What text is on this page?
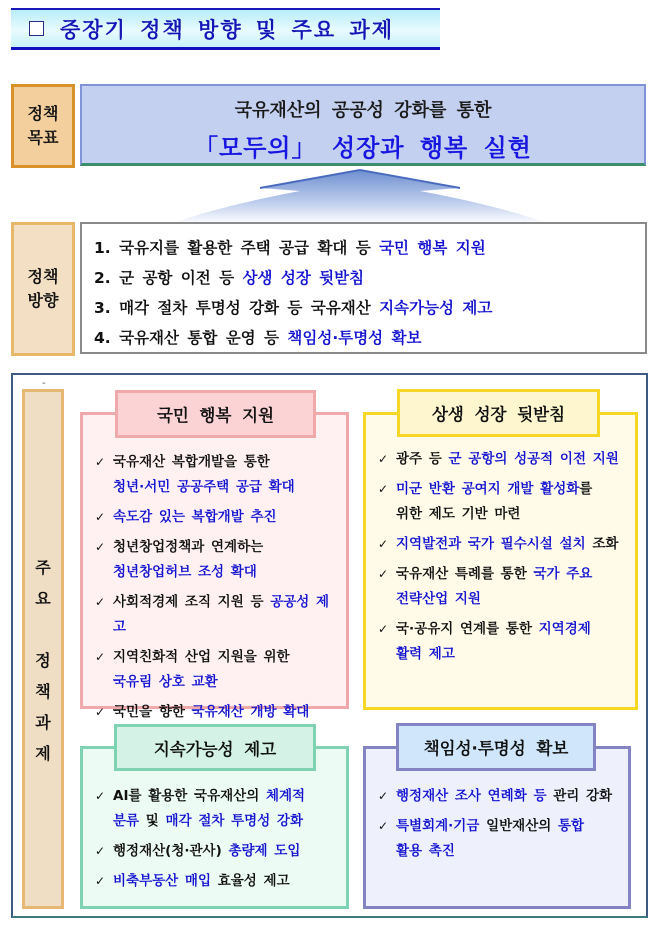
중장기 정책 방향 및 주요 과제
정책
목표
국유재산의 공공성 강화를 통한
「모두의」 성장과 행복 실현
정책
방향
1. 국유지를 활용한 주택 공급 확대 등 국민 행복 지원
2. 군 공항 이전 등 상생 성장 뒷받침
3. 매각 절차 투명성 강화 등 국유재산 지속가능성 제고
4. 국유재산 통합 운영 등 책임성·투명성 확보
-
주
요
정
책
과
제
✓ 국유재산 복합개발을 통한
청년·서민 공공주택 공급 확대
✓ 속도감 있는 복합개발 추진
✓ 청년창업정책과 연계하는
청년창업허브 조성 확대
✓ 사회적경제 조직 지원 등 공공성 제고
✓ 지역친화적 산업 지원을 위한
국유림 상호 교환
✓ 국민을 향한 국유재산 개방 확대
국민 행복 지원
✓ 광주 등 군 공항의 성공적 이전 지원
✓ 미군 반환 공여지 개발 활성화를
위한 제도 기반 마련
✓ 지역발전과 국가 필수시설 설치 조화
✓ 국유재산 특례를 통한 국가 주요
전략산업 지원
✓ 국·공유지 연계를 통한 지역경제
활력 제고
상생 성장 뒷받침
✓ AI를 활용한 국유재산의 체계적
분류 및 매각 절차 투명성 강화
✓ 행정재산(청·관사) 총량제 도입
✓ 비축부동산 매입 효율성 제고
지속가능성 제고
✓ 행정재산 조사 연례화 등 관리 강화
✓ 특별회계·기금 일반재산의 통합
활용 촉진
책임성·투명성 확보
